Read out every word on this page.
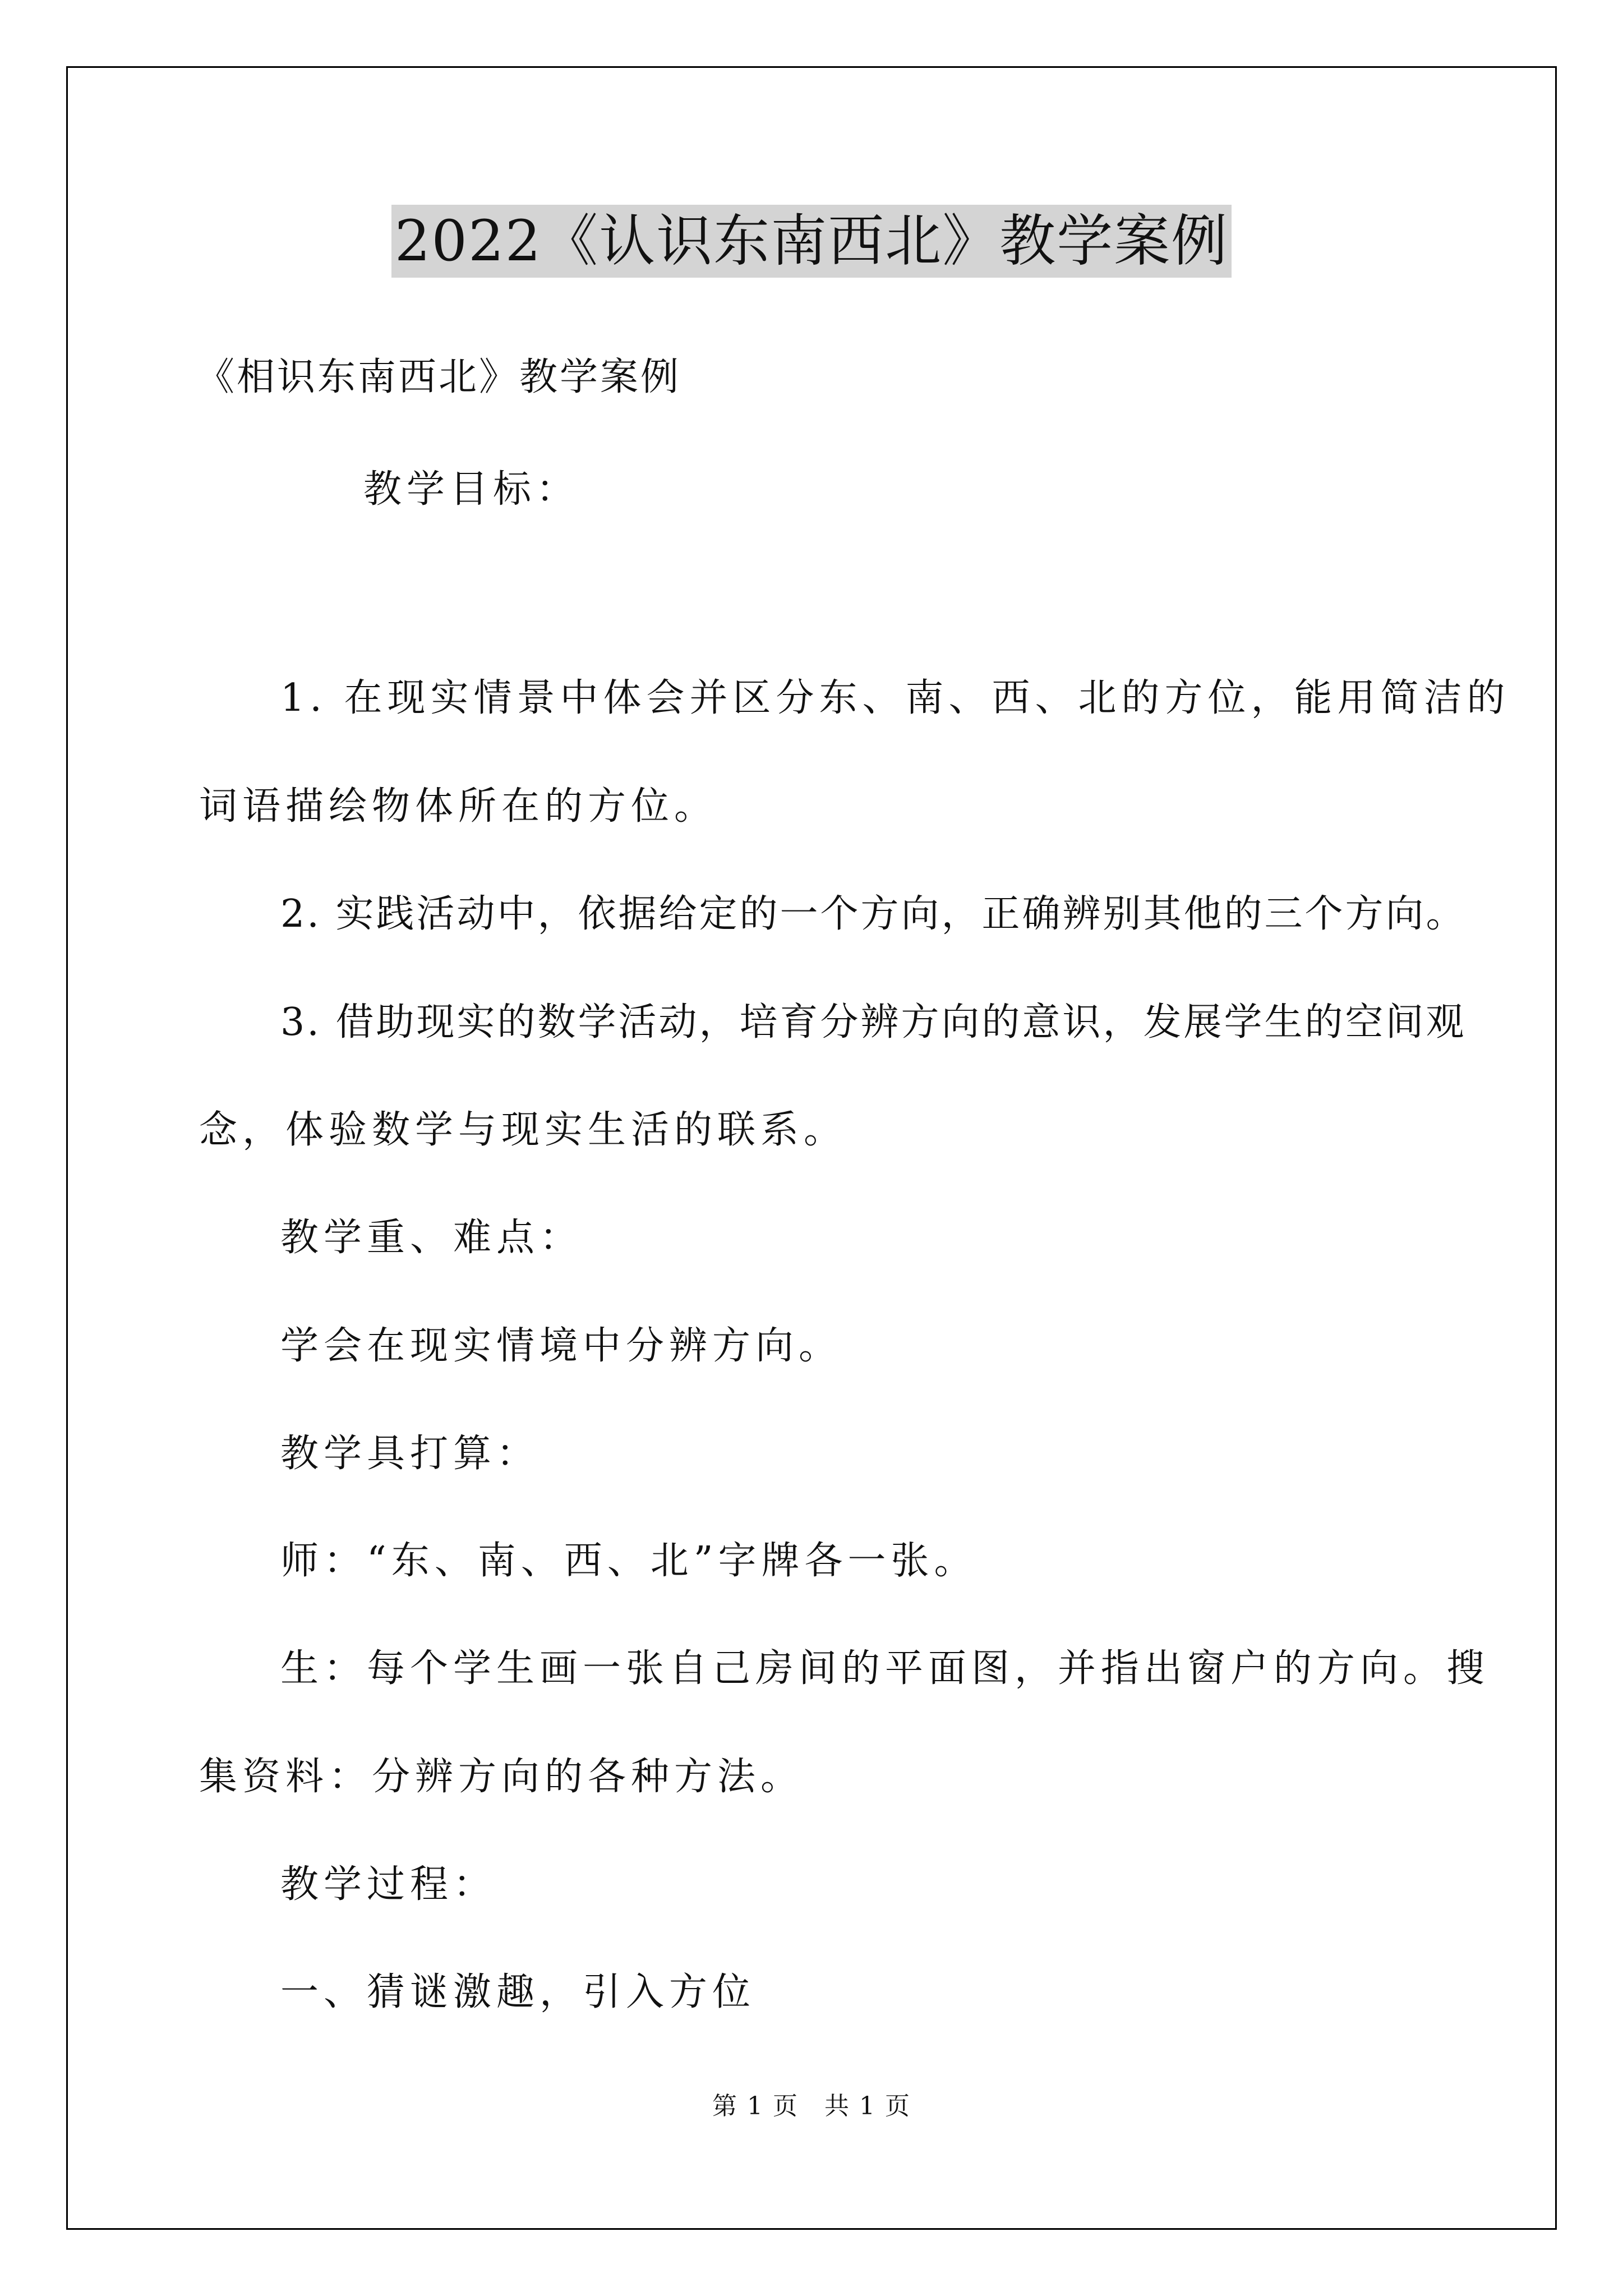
2022《认识东南西北》教学案例
《相识东南西北》教学案例
教学目标：
1. 在现实情景中体会并区分东、南、西、北的方位，能用简洁的
词语描绘物体所在的方位。
2. 实践活动中，依据给定的一个方向，正确辨别其他的三个方向。
3. 借助现实的数学活动，培育分辨方向的意识，发展学生的空间观
念，体验数学与现实生活的联系。
教学重、难点：
学会在现实情境中分辨方向。
教学具打算：
师：“东、南、西、北”字牌各一张。
生：每个学生画一张自己房间的平面图，并指出窗户的方向。搜
集资料：分辨方向的各种方法。
教学过程：
一、猜谜激趣，引入方位
第 1 页　共 1 页
